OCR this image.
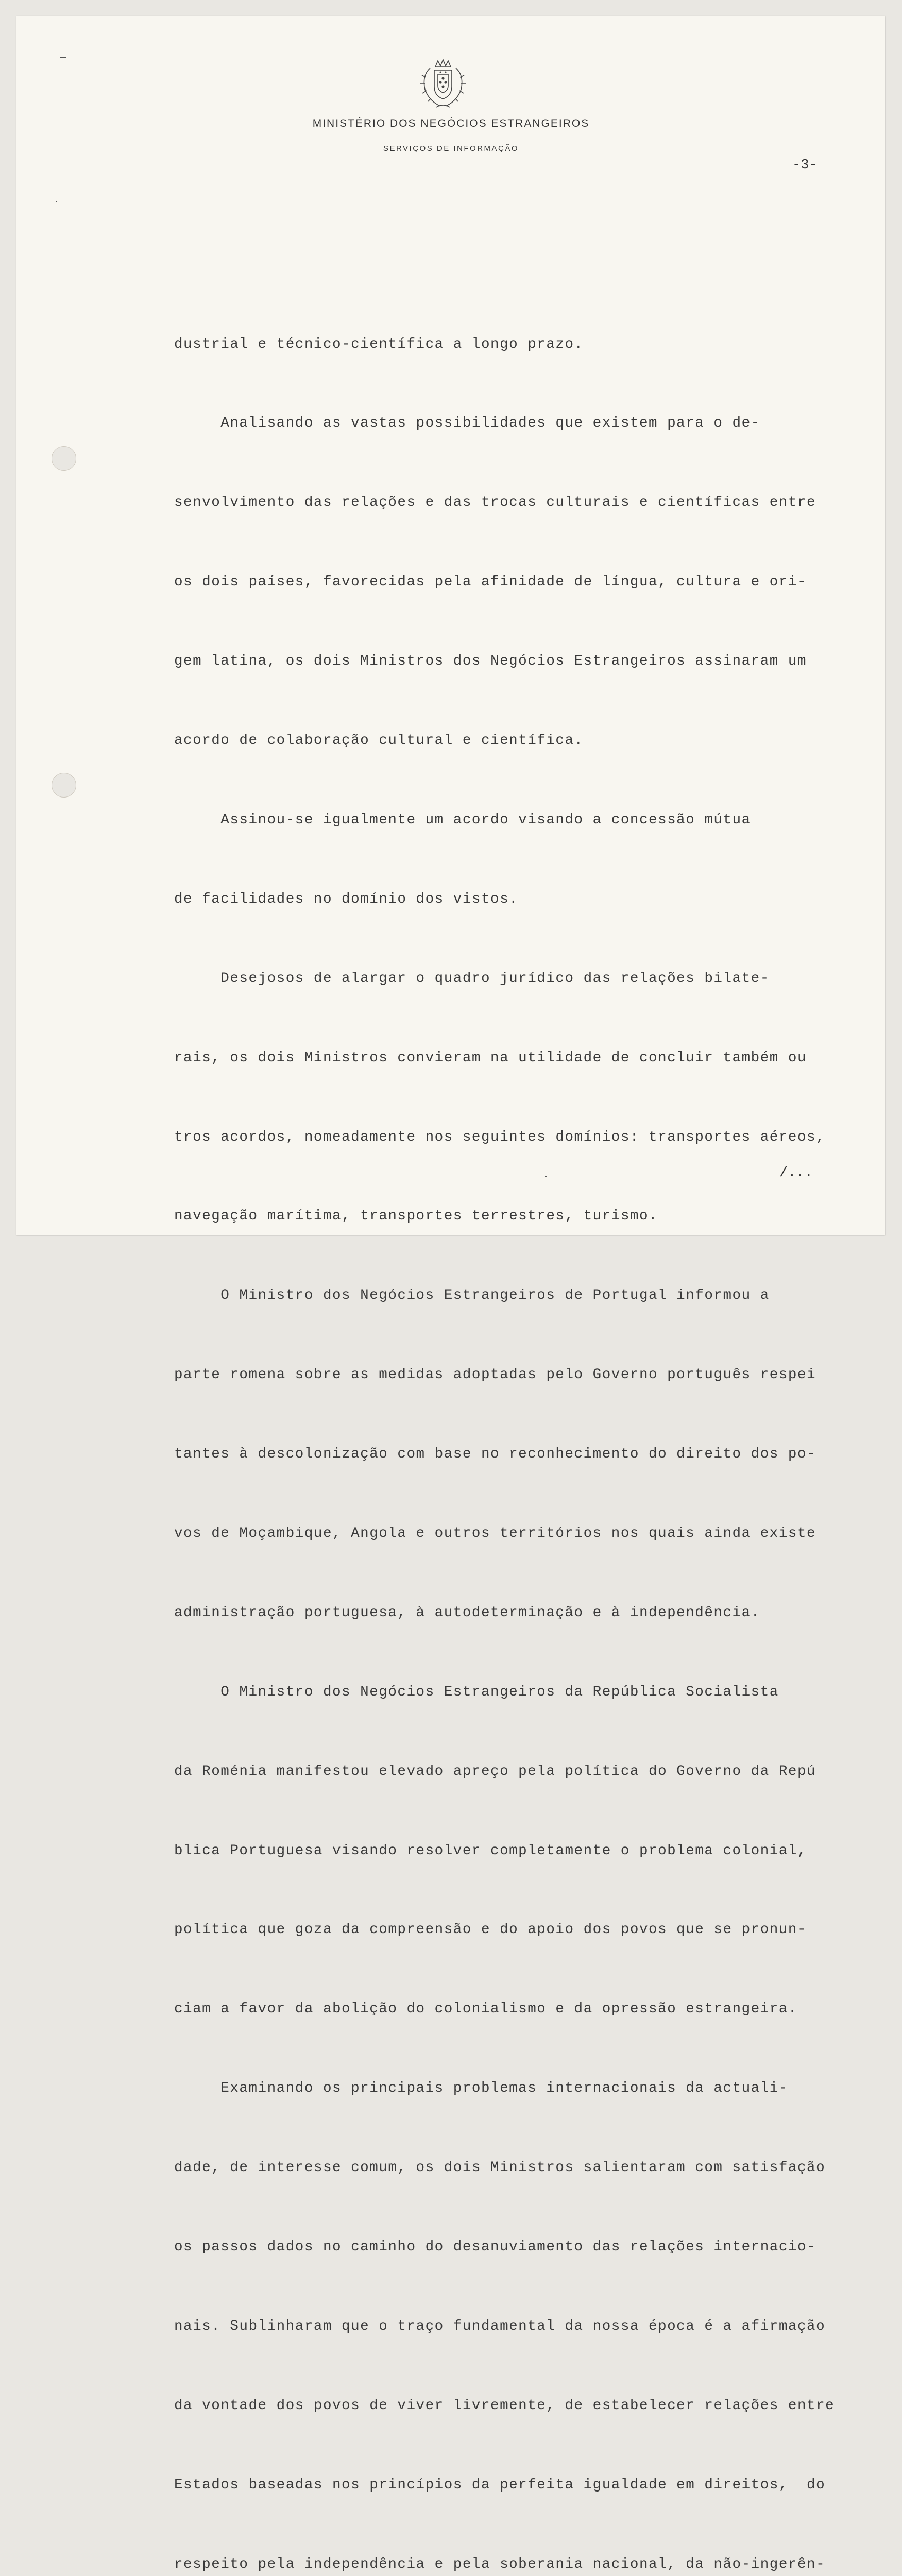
MINISTÉRIO DOS NEGÓCIOS ESTRANGEIROS
SERVIÇOS DE INFORMAÇÃO
-3-

dustrial e técnico-científica a longo prazo.

Analisando as vastas possibilidades que existem para o de-

senvolvimento das relações e das trocas culturais e científicas entre

os dois países, favorecidas pela afinidade de língua, cultura e ori-

gem latina, os dois Ministros dos Negócios Estrangeiros assinaram um

acordo de colaboração cultural e científica.

Assinou-se igualmente um acordo visando a concessão mútua

de facilidades no domínio dos vistos.

Desejosos de alargar o quadro jurídico das relações bilate-

rais, os dois Ministros convieram na utilidade de concluir também ou

tros acordos, nomeadamente nos seguintes domínios: transportes aéreos,

navegação marítima, transportes terrestres, turismo.

O Ministro dos Negócios Estrangeiros de Portugal informou a

parte romena sobre as medidas adoptadas pelo Governo português respei

tantes à descolonização com base no reconhecimento do direito dos po-

vos de Moçambique, Angola e outros territórios nos quais ainda existe

administração portuguesa, à autodeterminação e à independência.

O Ministro dos Negócios Estrangeiros da República Socialista

da Roménia manifestou elevado apreço pela política do Governo da Repú

blica Portuguesa visando resolver completamente o problema colonial,

política que goza da compreensão e do apoio dos povos que se pronun-

ciam a favor da abolição do colonialismo e da opressão estrangeira.

Examinando os principais problemas internacionais da actuali-

dade, de interesse comum, os dois Ministros salientaram com satisfação

os passos dados no caminho do desanuviamento das relações internacio-

nais. Sublinharam que o traço fundamental da nossa época é a afirmação

da vontade dos povos de viver livremente, de estabelecer relações entre

Estados baseadas nos princípios da perfeita igualdade em direitos,  do

respeito pela independência e pela soberania nacional, da não-ingerên-

/...
